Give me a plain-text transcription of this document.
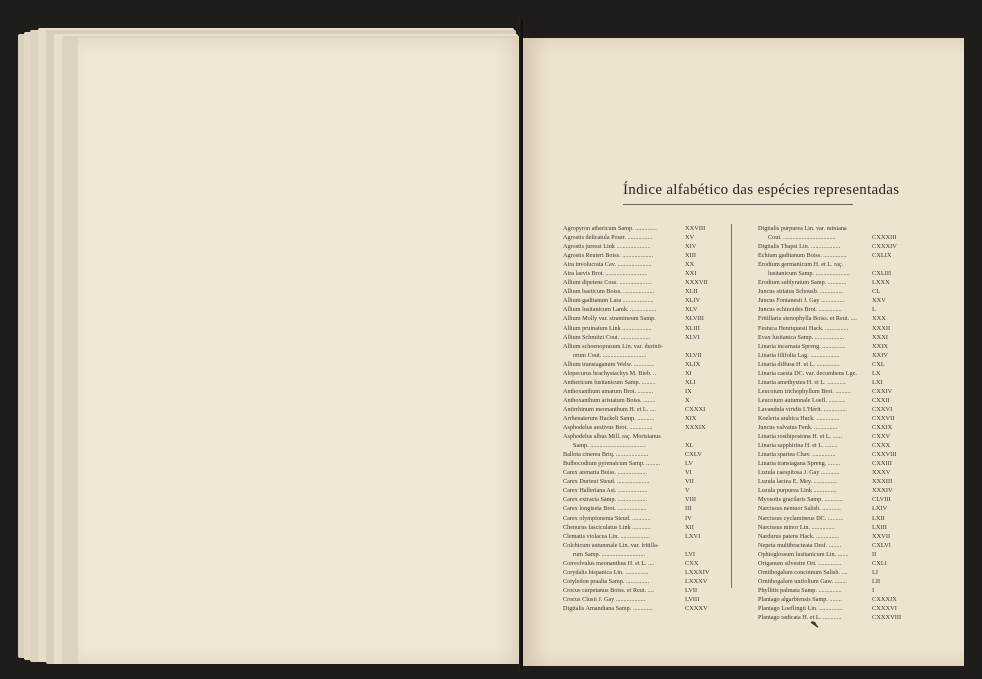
Índice alfabético das espécies representadas
Agropyron athericum Samp. ..............	XXVIII
Agrostis delicatula Pourr. ................	XV
Agrostis juressi Link ......................	XIV
Agrostis Reuteri Boiss. ....................	XIII
Aira involucrata Cav. ......................	XX
Aira laevis Brot. ...........................	XXI
Allium dipetens Coss. .....................	XXXVII
Allium baeticum Boiss. ....................	XLII
Allium gaditanum Lara ....................	XLIV
Allium lusitanicum Lamk. .................	XLV
Allium Molly var. stramineum Samp.	XLVIII
Allium pruinatum Link ...................	XLIII
Allium Schmitzi Cout. ...................	XLVI
Allium schoenoprasum Lin. var. durinii-
orum Cout. ............................	XLVII
Allium transtaganum Welw. .............	XLIX
Alopecurus brachystachys M. Bieb. ..	XI
Anthericum lusitanicum Samp. .........	XLI
Anthoxanthum amarum Brot. ..........	IX
Anthoxanthum aristatum Boiss. ........	X
Antirrhinum meonanthum H. et L. ....	CXXXI
Arrhenaterum Hackeli Samp. ...........	XIX
Asphodelus aestivus Brot. ...............	XXXIX
Asphodelus albus Mill. raç. Morisianus
Samp. ....................................	XL
Ballota cinerea Briq. .....................	CXLV
Bulbocodium pyrenaicum Samp. .........	LV
Carex arenaria Boiss. ...................	VI
Carex Durieui Steud. .....................	VII
Carex Halleriana Asi. ...................	V
Carex extracta Samp. ...................	VIII
Carex longiseta Brot. ...................	III
Carex olympionema Steud. ............	IV
Chenurus fasciculatus Link ............	XII
Clematis violacea Lin. ...................	LXVI
Colchicum autumnale Lin. var. fritilla-
rum Samp. ............................	LVI
Convolvulus meonanthus H. et L. ....	CXX
Corydalis hispanica Lin. ...............	LXXXIV
Cotyledon praalta Samp. ...............	LXXXV
Crocus carpetanus Boiss. et Reut. ....	LVII
Crocus Clusii J. Gay ...................	LVIII
Digitalis Amandiana Samp. .............	CXXXV
Digitalis purpurea Lin. var. miniana
Cout. ..................................	CXXXIII
Digitalis Thapsi Lin. ...................	CXXXIV
Echium gaditanum Boiss. ...............	CXLIX
Erodium germanicum H. et L. raç.
lusitanicum Samp. ......................	CXLIII
Erodium sublyratum Samp. ............	LXXX
Juncus striatus Schousb. ...............	CL
Juncus Fontanesii J. Gay ...............	XXV
Juncus echinoides Brot. ...............	L
Fritillaria stenophylla Boiss. et Reut. .... XXX
Festuca Henriquesii Hack. ...............	XXXII
Evax lusitanica Samp. ...................	XXXI
Linaria incarnata Spreng. ...............	XXIX
Linaria filifolia Lag. ...................	XXIV
Linaria diffusa H. et L. ...............	CXL
Linaria caesia DC. var. decumbens Lge. LX
Linaria amethystea H. et L. ............	LXI
Leucoium trichophyllum Brot. ..........	CXXIV
Leucoium autumnale Loefl. ...........	CXXII
Lavandula viridis L'Hérit. ...............	CXXVI
Koeleria arabica Hack. ...............	CXXVII
Juncus valvatus Fenk. ...............	CXXIX
Linaria rosthipostona H. et L. ......	CXXV
Linaria sapphirina H. et L. ........	CXXX
Linaria spartea Chav. ...............	CXXVIII
Linaria transtagana Spreng. ........	CXXIII
Luzula caespitosa J. Gay ............	XXXV
Luzula lactea E. Mey. ...............	XXXIII
Luzula purpurea Link ...............	XXXIV
Myosotis gracilaris Samp. ............	CLVIII
Narcissus nemuor Salisb. ............	LXIV
Narcissus cyclamineus DC. ..........	LXII
Narcissus minor Lin. ...............	LXIII
Nardurus patens Hack. ...............	XXVII
Nepeta multibracteata Desf. ........	CXLVI
Ophioglossum lusitanicum Lin. .......	II
Origanum silvestre Ort. ...............	CXLI
Ornithogalum concinnum Salisb. ....	LI
Ornithogalum unifolium Gaw. ........	LII
Phyllitis palmata Samp. ...............	I
Plantago algarbiensis Samp. ........	CXXXIX
Plantago Loeflingii Lin. ...............	CXXXVI
Plantago radicata H. et L. ............	CXXXVIII
